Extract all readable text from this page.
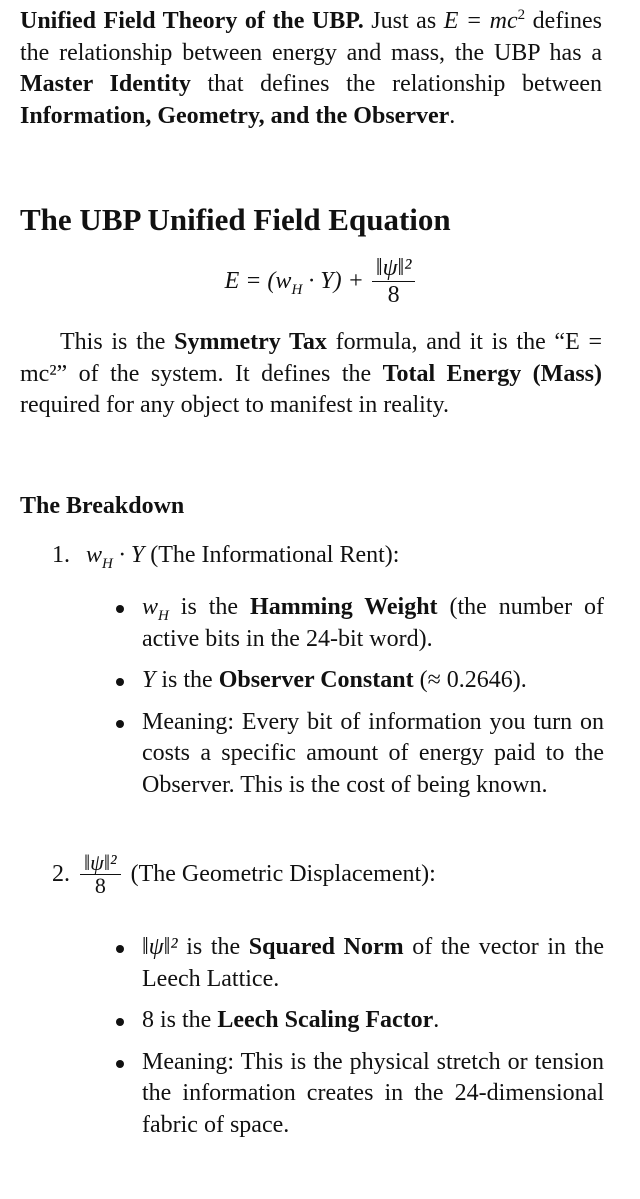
Unified Field Theory of the UBP. Just as $E = mc^2$ defines the relationship between energy and mass, the UBP has a Master Identity that defines the relationship between Information, Geometry, and the Observer.

The UBP Unified Field Equation
$E = (w_H \cdot Y) + \frac{\text{‖ψ‖²}}{8}$

This is the Symmetry Tax formula, and it is the “E = mc²” of the system. It defines the Total Energy (Mass) required for any object to manifest in reality.

The Breakdown
1. $w_H \cdot Y$ (The Informational Rent):
$w_H$ is the Hamming Weight (the number of active bits in the 24-bit word).
Y is the Observer Constant (≈ 0.2646).
Meaning: Every bit of information you turn on costs a specific amount of energy paid to the Observer. This is the cost of being known.
2. $\frac{\text{‖ψ‖²}}{8} (The$ Geometric Displacement):
‖ψ‖² is the Squared Norm of the vector in the Leech Lattice.
8 is the Leech Scaling Factor.
Meaning: This is the physical stretch or tension the information creates in the 24-dimensional fabric of space.
